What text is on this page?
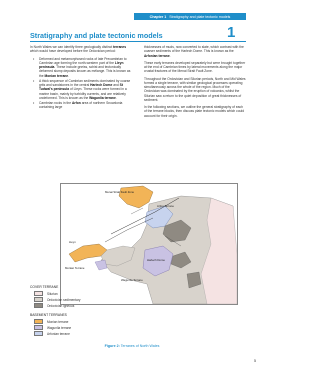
Chapter 1 Stratigraphy and plate tectonic models
Stratigraphy and plate tectonic models	1

In North Wales we can identify three geologically distinct terranes which would have developed before the Ordovician period:

• Deformed and metamorphosed rocks of late Precambrian to Cambrian age forming the north-western part of the Lleyn peninsula. These include gneiss, schist and tectonically deformed slump deposits known as mélange. This is known as the Monian terrane.
• A thick sequence of Cambrian sediments dominated by coarse grits and sandstones in the central Harlech Dome and St Tudwal's peninsula of Lleyn. These rocks were formed in a marine basin, mainly by turbidity currents, and are relatively undeformed. This is known as the Wagunlia terrane.
• Cambrian rocks in the Arfon area of northern Snowdonia containing large

thicknesses of muds, now converted to slate, which contrast with the coarser sediments of the Harlech Dome. This is known as the Arfonian terrane.

These early terranes developed separately but were brought together at the end of Cambrian times by lateral movements along the major crustal fractures of the Menai Strait Fault Zone.

Throughout the Ordovician and Silurian periods, North and Mid Wales formed a single terrane, with similar geological processes operating simultaneously across the whole of the region. Much of the Ordovician was dominated by the eruption of volcanics, whilst the Silurian saw a return to the quiet deposition of great thicknesses of sediment.

In the following sections, we outline the general stratigraphy of each of the terrane blocks, then discuss plate tectonic models which could account for their origin.

Menai Strait Fault Zone
Arfon Terrane
Lleyn
Harlech Dome
Monian Terrane
Wagunlia Terrane
COVER TERRANE
Silurian
Ordovician sedimentary
Ordovician igneous
BASEMENT TERRANES
Monian terrane
Wagunlia terrane
Arfonian terrane
Figure 2: Terranes of North Wales
5
